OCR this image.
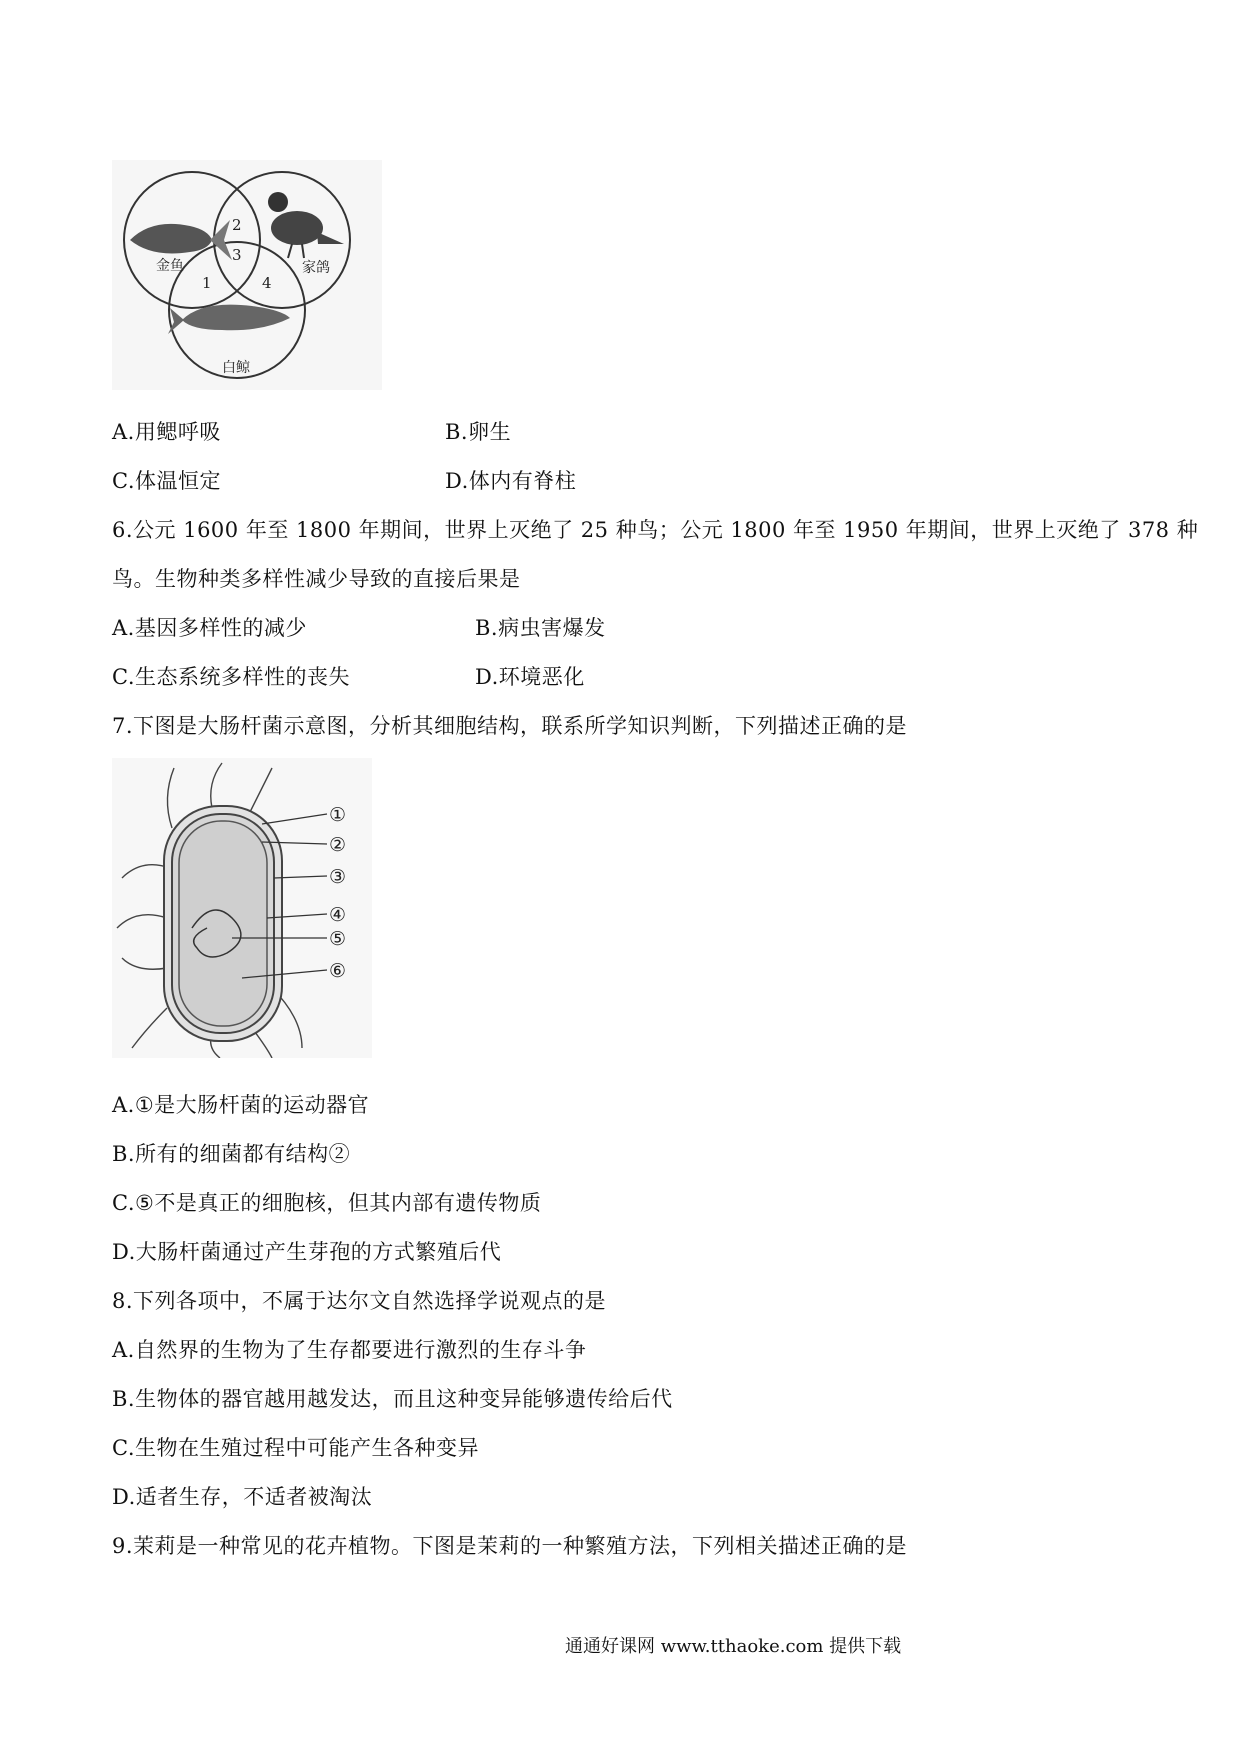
2
3
1	4
金鱼	家鸽
白鲸
A.用鳃呼吸	B.卵生
C.体温恒定	D.体内有脊柱
6.公元 1600 年至 1800 年期间，世界上灭绝了 25 种鸟；公元 1800 年至 1950 年期间，世界上灭绝了 378 种
鸟。生物种类多样性减少导致的直接后果是
A.基因多样性的减少	B.病虫害爆发
C.生态系统多样性的丧失	D.环境恶化
7.下图是大肠杆菌示意图，分析其细胞结构，联系所学知识判断，下列描述正确的是
①
②
③
④
⑤
⑥
A.①是大肠杆菌的运动器官
B.所有的细菌都有结构②
C.⑤不是真正的细胞核，但其内部有遗传物质
D.大肠杆菌通过产生芽孢的方式繁殖后代
8.下列各项中，不属于达尔文自然选择学说观点的是
A.自然界的生物为了生存都要进行激烈的生存斗争
B.生物体的器官越用越发达，而且这种变异能够遗传给后代
C.生物在生殖过程中可能产生各种变异
D.适者生存，不适者被淘汰
9.茉莉是一种常见的花卉植物。下图是茉莉的一种繁殖方法，下列相关描述正确的是
通通好课网 www.tthaoke.com 提供下载
